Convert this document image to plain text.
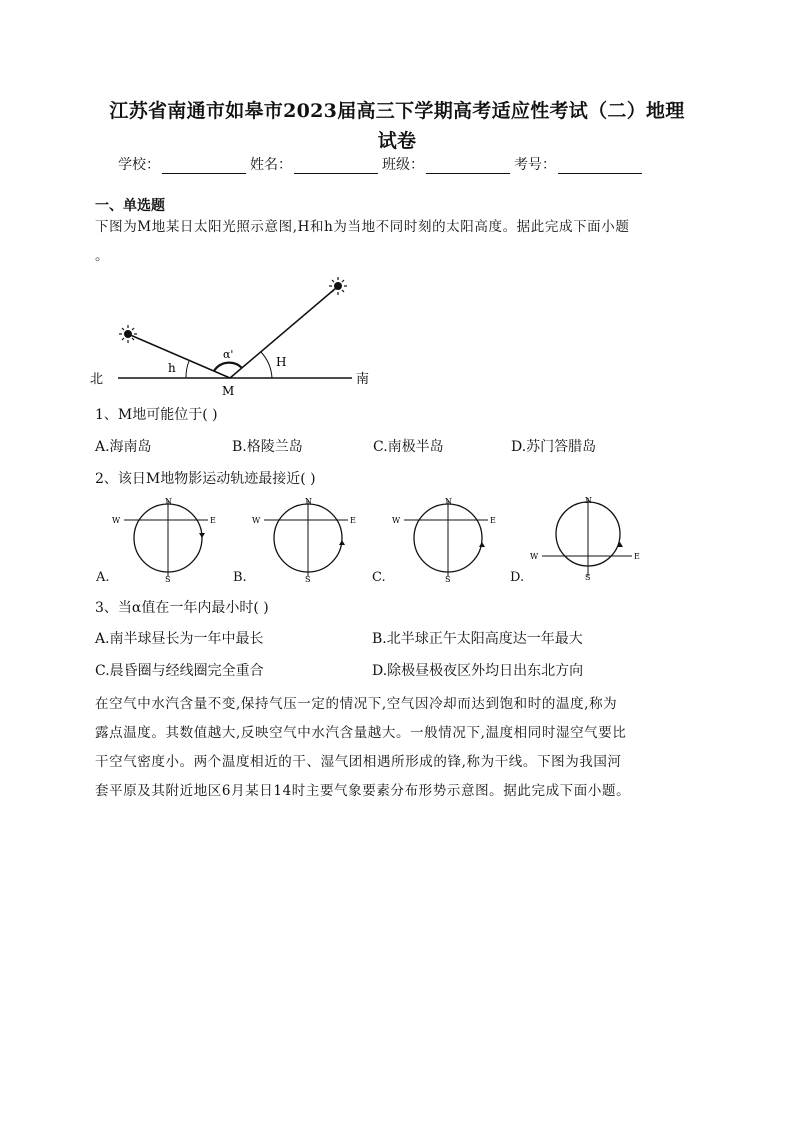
江苏省南通市如皋市2023届高三下学期高考适应性考试（二）地理
试卷
学校：	姓名：	班级：	考号：
一、单选题
下图为M地某日太阳光照示意图,H和h为当地不同时刻的太阳高度。据此完成下面小题
。
北	南
M
h	H
α'
1、M地可能位于( )
A.海南岛	B.格陵兰岛	C.南极半岛	D.苏门答腊岛
2、该日M地物影运动轨迹最接近( )
N
S
W	E
N
S
W	E
N
S
W	E
N
S
W	E
A.	B.	C.	D.
3、当α值在一年内最小时( )
A.南半球昼长为一年中最长	B.北半球正午太阳高度达一年最大
C.晨昏圈与经线圈完全重合	D.除极昼极夜区外均日出东北方向
在空气中水汽含量不变,保持气压一定的情况下,空气因冷却而达到饱和时的温度,称为
露点温度。其数值越大,反映空气中水汽含量越大。一般情况下,温度相同时湿空气要比
干空气密度小。两个温度相近的干、湿气团相遇所形成的锋,称为干线。下图为我国河
套平原及其附近地区6月某日14时主要气象要素分布形势示意图。据此完成下面小题。
